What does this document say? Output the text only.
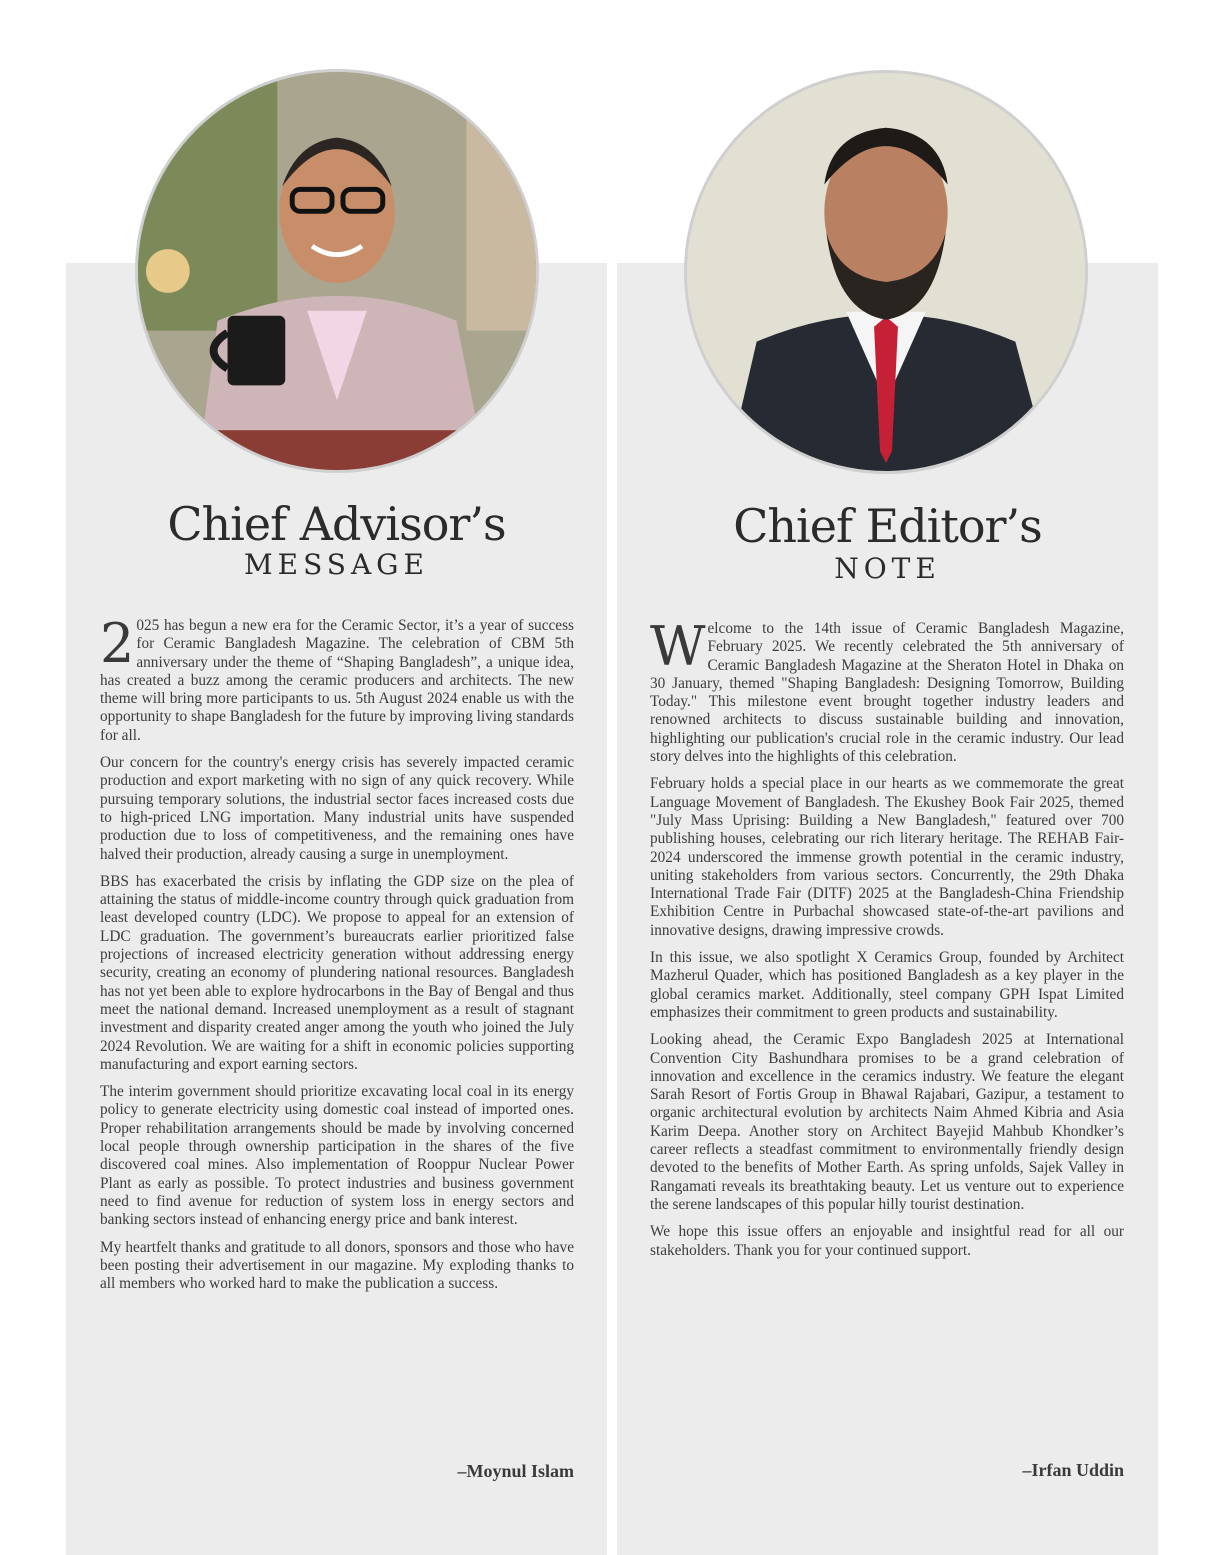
Chief Advisor’s
MESSAGE
Chief Editor’s
NOTE

2 025 has begun a new era for the Ceramic Sector, it’s a year of success for Ceramic Bangladesh Magazine. The celebration of CBM 5th anniversary under the theme of “Shaping Bangladesh”, a unique idea, has created a buzz among the ceramic producers and architects. The new theme will bring more participants to us. 5th August 2024 enable us with the opportunity to shape Bangladesh for the future by improving living standards for all.

Our concern for the country's energy crisis has severely impacted ceramic production and export marketing with no sign of any quick recovery. While pursuing temporary solutions, the industrial sector faces increased costs due to high-priced LNG importation. Many industrial units have suspended production due to loss of competitiveness, and the remaining ones have halved their production, already causing a surge in unemployment.

BBS has exacerbated the crisis by inflating the GDP size on the plea of attaining the status of middle-income country through quick graduation from least developed country (LDC). We propose to appeal for an extension of LDC graduation. The government’s bureaucrats earlier prioritized false projections of increased electricity generation without addressing energy security, creating an economy of plundering national resources. Bangladesh has not yet been able to explore hydrocarbons in the Bay of Bengal and thus meet the national demand. Increased unemployment as a result of stagnant investment and disparity created anger among the youth who joined the July 2024 Revolution. We are waiting for a shift in economic policies supporting manufacturing and export earning sectors.

The interim government should prioritize excavating local coal in its energy policy to generate electricity using domestic coal instead of imported ones. Proper rehabilitation arrangements should be made by involving concerned local people through ownership participation in the shares of the five discovered coal mines. Also implementation of Rooppur Nuclear Power Plant as early as possible. To protect industries and business government need to find avenue for reduction of system loss in energy sectors and banking sectors instead of enhancing energy price and bank interest.

My heartfelt thanks and gratitude to all donors, sponsors and those who have been posting their advertisement in our magazine. My exploding thanks to all members who worked hard to make the publication a success.

–Moynul Islam

Welcome to the 14th issue of Ceramic Bangladesh Magazine, February 2025. We recently celebrated the 5th anniversary of Ceramic Bangladesh Magazine at the Sheraton Hotel in Dhaka on 30 January, themed "Shaping Bangladesh: Designing Tomorrow, Building Today." This milestone event brought together industry leaders and renowned architects to discuss sustainable building and innovation, highlighting our publication's crucial role in the ceramic industry. Our lead story delves into the highlights of this celebration.

February holds a special place in our hearts as we commemorate the great Language Movement of Bangladesh. The Ekushey Book Fair 2025, themed "July Mass Uprising: Building a New Bangladesh," featured over 700 publishing houses, celebrating our rich literary heritage. The REHAB Fair-2024 underscored the immense growth potential in the ceramic industry, uniting stakeholders from various sectors. Concurrently, the 29th Dhaka International Trade Fair (DITF) 2025 at the Bangladesh-China Friendship Exhibition Centre in Purbachal showcased state-of-the-art pavilions and innovative designs, drawing impressive crowds.

In this issue, we also spotlight X Ceramics Group, founded by Architect Mazherul Quader, which has positioned Bangladesh as a key player in the global ceramics market. Additionally, steel company GPH Ispat Limited emphasizes their commitment to green products and sustainability.

Looking ahead, the Ceramic Expo Bangladesh 2025 at International Convention City Bashundhara promises to be a grand celebration of innovation and excellence in the ceramics industry. We feature the elegant Sarah Resort of Fortis Group in Bhawal Rajabari, Gazipur, a testament to organic architectural evolution by architects Naim Ahmed Kibria and Asia Karim Deepa. Another story on Architect Bayejid Mahbub Khondker’s career reflects a steadfast commitment to environmentally friendly design devoted to the benefits of Mother Earth. As spring unfolds, Sajek Valley in Rangamati reveals its breathtaking beauty. Let us venture out to experience the serene landscapes of this popular hilly tourist destination.

We hope this issue offers an enjoyable and insightful read for all our stakeholders. Thank you for your continued support.

–Irfan Uddin
